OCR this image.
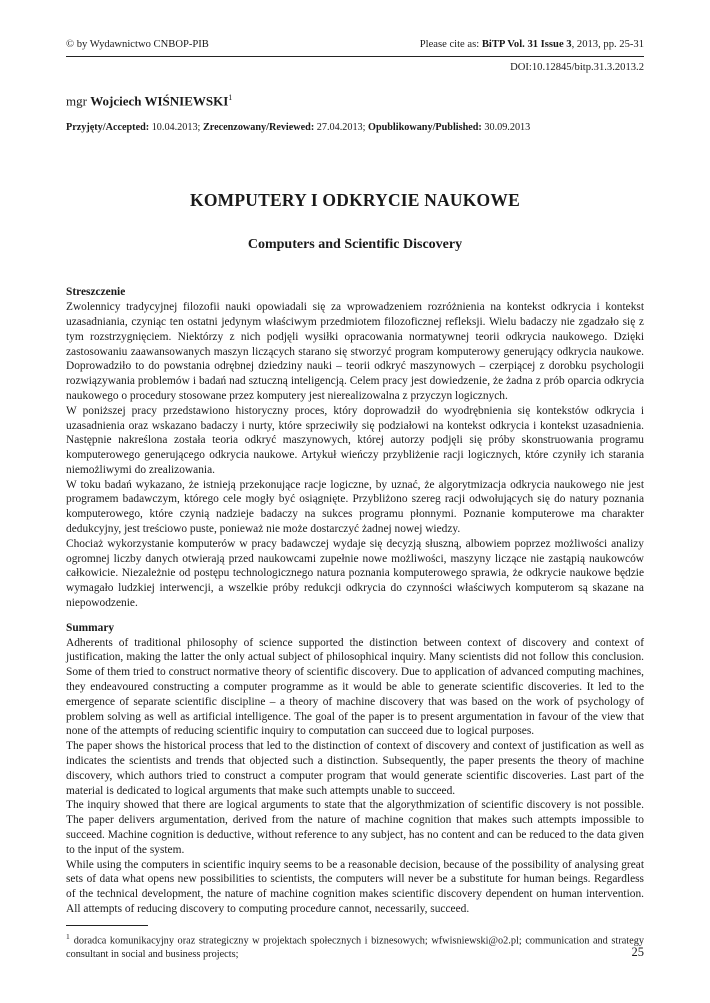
© by Wydawnictwo CNBOP-PIB	Please cite as: BiTP Vol. 31 Issue 3, 2013, pp. 25-31
DOI:10.12845/bitp.31.3.2013.2
mgr Wojciech WIŚNIEWSKI$^1$
Przyjęty/Accepted: 10.04.2013; Zrecenzowany/Reviewed: 27.04.2013; Opublikowany/Published: 30.09.2013
KOMPUTERY I ODKRYCIE NAUKOWE
Computers and Scientific Discovery
Streszczenie

Zwolennicy tradycyjnej filozofii nauki opowiadali się za wprowadzeniem rozróżnienia na kontekst odkrycia i kontekst uzasadniania, czyniąc ten ostatni jedynym właściwym przedmiotem filozoficznej refleksji. Wielu badaczy nie zgadzało się z tym rozstrzygnięciem. Niektórzy z nich podjęli wysiłki opracowania normatywnej teorii odkrycia naukowego. Dzięki zastosowaniu zaawansowanych maszyn liczących starano się stworzyć program komputerowy generujący odkrycia naukowe. Doprowadziło to do powstania odrębnej dziedziny nauki – teorii odkryć maszynowych – czerpiącej z dorobku psychologii rozwiązywania problemów i badań nad sztuczną inteligencją. Celem pracy jest dowiedzenie, że żadna z prób oparcia odkrycia naukowego o procedury stosowane przez komputery jest nierealizowalna z przyczyn logicznych.

W poniższej pracy przedstawiono historyczny proces, który doprowadził do wyodrębnienia się kontekstów odkrycia i uzasadnienia oraz wskazano badaczy i nurty, które sprzeciwiły się podziałowi na kontekst odkrycia i kontekst uzasadnienia. Następnie nakreślona została teoria odkryć maszynowych, której autorzy podjęli się próby skonstruowania programu komputerowego generującego odkrycia naukowe. Artykuł wieńczy przybliżenie racji logicznych, które czyniły ich starania niemożliwymi do zrealizowania.

W toku badań wykazano, że istnieją przekonujące racje logiczne, by uznać, że algorytmizacja odkrycia naukowego nie jest programem badawczym, którego cele mogły być osiągnięte. Przybliżono szereg racji odwołujących się do natury poznania komputerowego, które czynią nadzieje badaczy na sukces programu płonnymi. Poznanie komputerowe ma charakter dedukcyjny, jest treściowo puste, ponieważ nie może dostarczyć żadnej nowej wiedzy.

Chociaż wykorzystanie komputerów w pracy badawczej wydaje się decyzją słuszną, albowiem poprzez możliwości analizy ogromnej liczby danych otwierają przed naukowcami zupełnie nowe możliwości, maszyny liczące nie zastąpią naukowców całkowicie. Niezależnie od postępu technologicznego natura poznania komputerowego sprawia, że odkrycie naukowe będzie wymagało ludzkiej interwencji, a wszelkie próby redukcji odkrycia do czynności właściwych komputerom są skazane na niepowodzenie.

Summary

Adherents of traditional philosophy of science supported the distinction between context of discovery and context of justification, making the latter the only actual subject of philosophical inquiry. Many scientists did not follow this conclusion. Some of them tried to construct normative theory of scientific discovery. Due to application of advanced computing machines, they endeavoured constructing a computer programme as it would be able to generate scientific discoveries. It led to the emergence of separate scientific discipline – a theory of machine discovery that was based on the work of psychology of problem solving as well as artificial intelligence. The goal of the paper is to present argumentation in favour of the view that none of the attempts of reducing scientific inquiry to computation can succeed due to logical purposes.

The paper shows the historical process that led to the distinction of context of discovery and context of justification as well as indicates the scientists and trends that objected such a distinction. Subsequently, the paper presents the theory of machine discovery, which authors tried to construct a computer program that would generate scientific discoveries. Last part of the material is dedicated to logical arguments that make such attempts unable to succeed.

The inquiry showed that there are logical arguments to state that the algorythmization of scientific discovery is not possible. The paper delivers argumentation, derived from the nature of machine cognition that makes such attempts impossible to succeed. Machine cognition is deductive, without reference to any subject, has no content and can be reduced to the data given to the input of the system.

While using the computers in scientific inquiry seems to be a reasonable decision, because of the possibility of analysing great sets of data what opens new possibilities to scientists, the computers will never be a substitute for human beings. Regardless of the technical development, the nature of machine cognition makes scientific discovery dependent on human intervention. All attempts of reducing discovery to computing procedure cannot, necessarily, succeed.

$^1$ doradca komunikacyjny oraz strategiczny w projektach społecznych i biznesowych; wfwisniewski@o2.pl; communication and strategy consultant in social and business projects;	25
